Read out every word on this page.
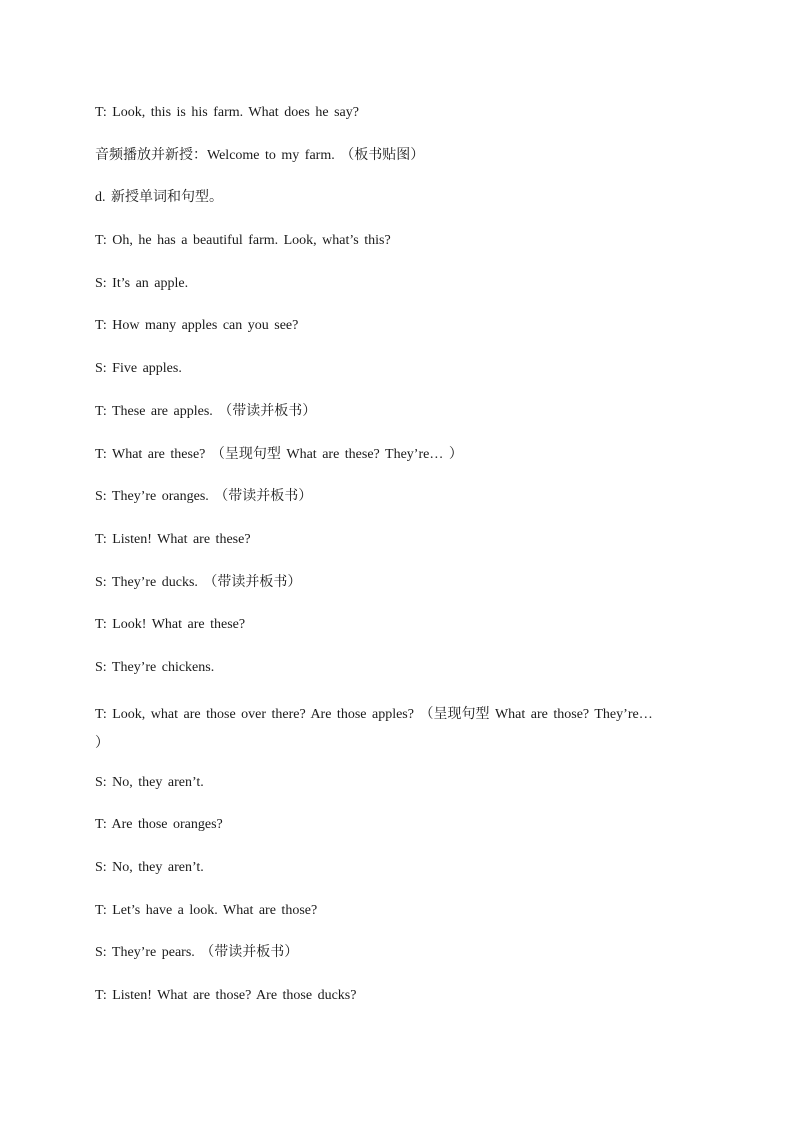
T: Look, this is his farm. What does he say?

音频播放并新授：Welcome to my farm. （板书贴图）

d. 新授单词和句型。

T: Oh, he has a beautiful farm. Look, what’s this?

S: It’s an apple.

T: How many apples can you see?

S: Five apples.

T: These are apples. （带读并板书）

T: What are these? （呈现句型 What are these? They’re… ）

S: They’re oranges. （带读并板书）

T: Listen! What are these?

S: They’re ducks. （带读并板书）

T: Look! What are these?

S: They’re chickens.

T: Look, what are those over there? Are those apples? （呈现句型 What are those? They’re… ）

S: No, they aren’t.

T: Are those oranges?

S: No, they aren’t.

T: Let’s have a look. What are those?

S: They’re pears. （带读并板书）

T: Listen! What are those? Are those ducks?
